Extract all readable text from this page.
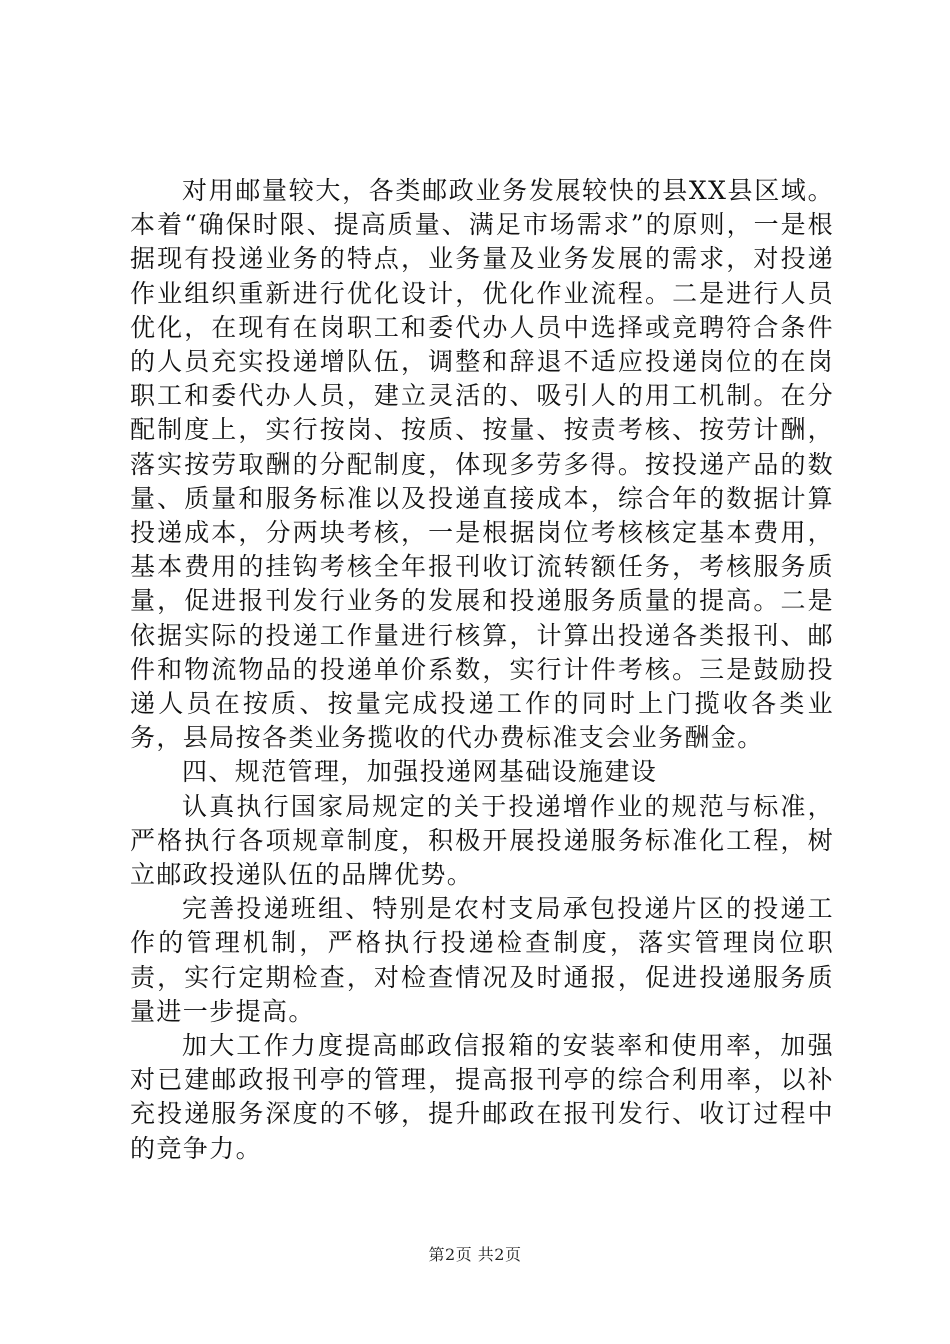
对用邮量较大，各类邮政业务发展较快的县XX县区域。本着“确保时限、提高质量、满足市场需求”的原则，一是根据现有投递业务的特点，业务量及业务发展的需求，对投递作业组织重新进行优化设计，优化作业流程。二是进行人员优化，在现有在岗职工和委代办人员中选择或竞聘符合条件的人员充实投递增队伍，调整和辞退不适应投递岗位的在岗职工和委代办人员，建立灵活的、吸引人的用工机制。在分配制度上，实行按岗、按质、按量、按责考核、按劳计酬，落实按劳取酬的分配制度，体现多劳多得。按投递产品的数量、质量和服务标准以及投递直接成本，综合年的数据计算投递成本，分两块考核，一是根据岗位考核核定基本费用，基本费用的挂钩考核全年报刊收订流转额任务，考核服务质量，促进报刊发行业务的发展和投递服务质量的提高。二是依据实际的投递工作量进行核算，计算出投递各类报刊、邮件和物流物品的投递单价系数，实行计件考核。三是鼓励投递人员在按质、按量完成投递工作的同时上门揽收各类业务，县局按各类业务揽收的代办费标准支会业务酬金。

四、规范管理，加强投递网基础设施建设

认真执行国家局规定的关于投递增作业的规范与标准，严格执行各项规章制度，积极开展投递服务标准化工程，树立邮政投递队伍的品牌优势。

完善投递班组、特别是农村支局承包投递片区的投递工作的管理机制，严格执行投递检查制度，落实管理岗位职责，实行定期检查，对检查情况及时通报，促进投递服务质量进一步提高。

加大工作力度提高邮政信报箱的安装率和使用率，加强对已建邮政报刊亭的管理，提高报刊亭的综合利用率，以补充投递服务深度的不够，提升邮政在报刊发行、收订过程中的竞争力。

第2页 共2页
